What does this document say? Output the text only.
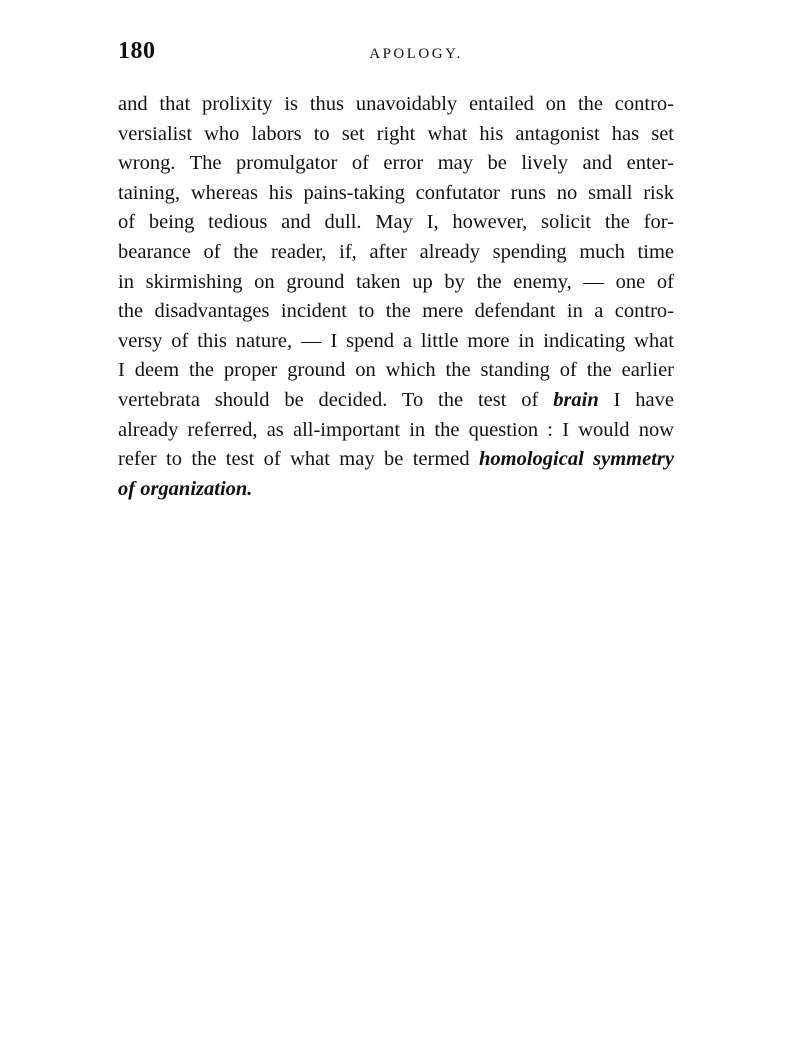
180	APOLOGY.
and that prolixity is thus unavoidably entailed on the contro-
versialist who labors to set right what his antagonist has set
wrong. The promulgator of error may be lively and enter-
taining, whereas his pains-taking confutator runs no small risk
of being tedious and dull. May I, however, solicit the for-
bearance of the reader, if, after already spending much time
in skirmishing on ground taken up by the enemy, — one of
the disadvantages incident to the mere defendant in a contro-
versy of this nature, — I spend a little more in indicating what
I deem the proper ground on which the standing of the earlier
vertebrata should be decided. To the test of brain I have
already referred, as all-important in the question : I would now
refer to the test of what may be termed homological symmetry
of organization.
